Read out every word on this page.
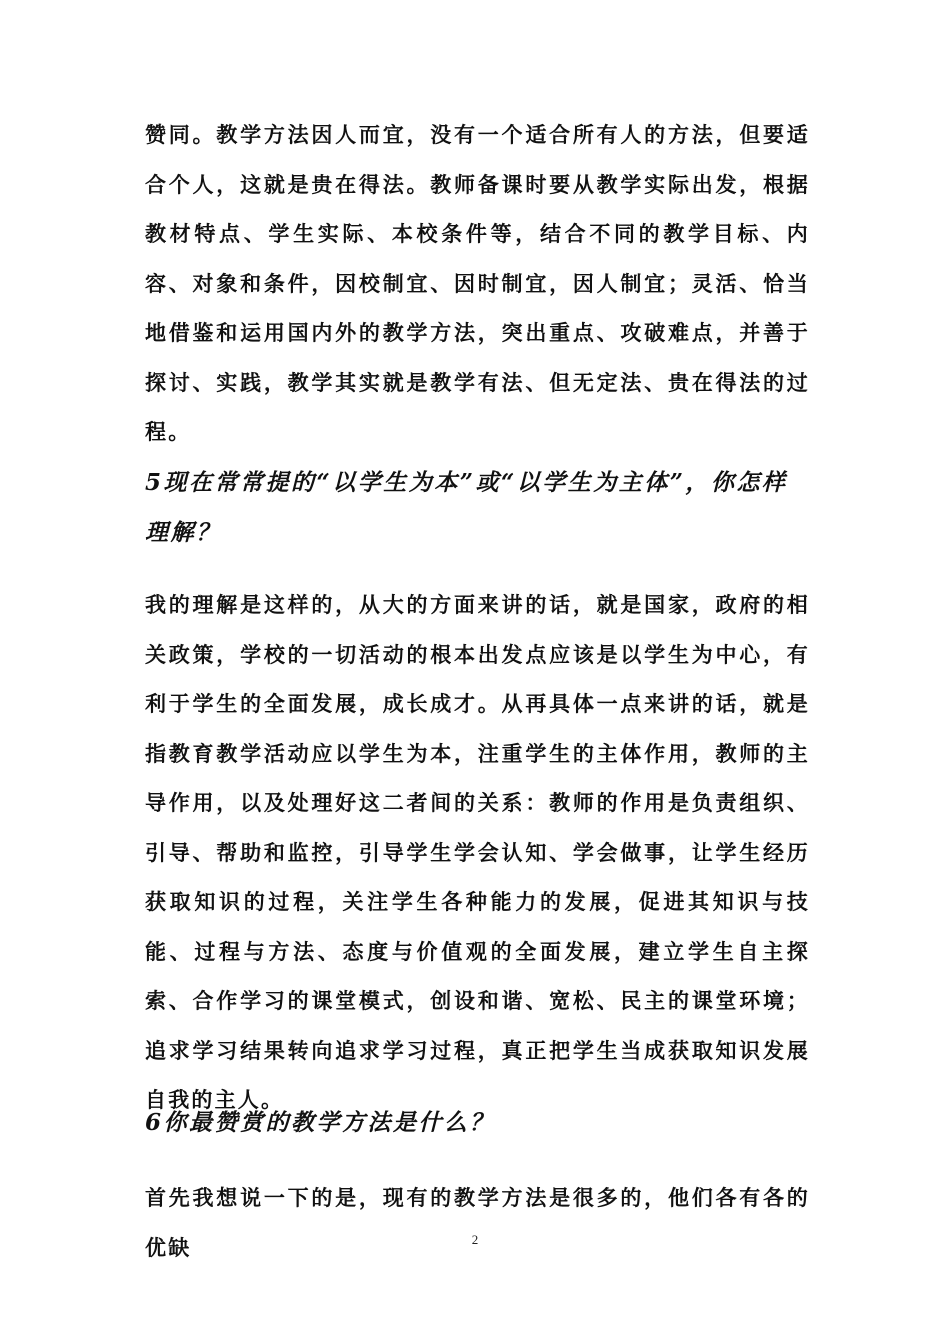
赞同。教学方法因人而宜，没有一个适合所有人的方法，但要适合个人，这就是贵在得法。教师备课时要从教学实际出发，根据教材特点、学生实际、本校条件等，结合不同的教学目标、内容、对象和条件，因校制宜、因时制宜，因人制宜；灵活、恰当地借鉴和运用国内外的教学方法，突出重点、攻破难点，并善于探讨、实践，教学其实就是教学有法、但无定法、贵在得法的过程。

5现在常常提的“以学生为本”或“以学生为主体”，你怎样理解？

我的理解是这样的，从大的方面来讲的话，就是国家，政府的相关政策，学校的一切活动的根本出发点应该是以学生为中心，有利于学生的全面发展，成长成才。从再具体一点来讲的话，就是指教育教学活动应以学生为本，注重学生的主体作用，教师的主导作用，以及处理好这二者间的关系：教师的作用是负责组织、引导、帮助和监控，引导学生学会认知、学会做事，让学生经历获取知识的过程，关注学生各种能力的发展，促进其知识与技能、过程与方法、态度与价值观的全面发展，建立学生自主探索、合作学习的课堂模式，创设和谐、宽松、民主的课堂环境；追求学习结果转向追求学习过程，真正把学生当成获取知识发展自我的主人。

6你最赞赏的教学方法是什么？

首先我想说一下的是，现有的教学方法是很多的，他们各有各的优缺	2
